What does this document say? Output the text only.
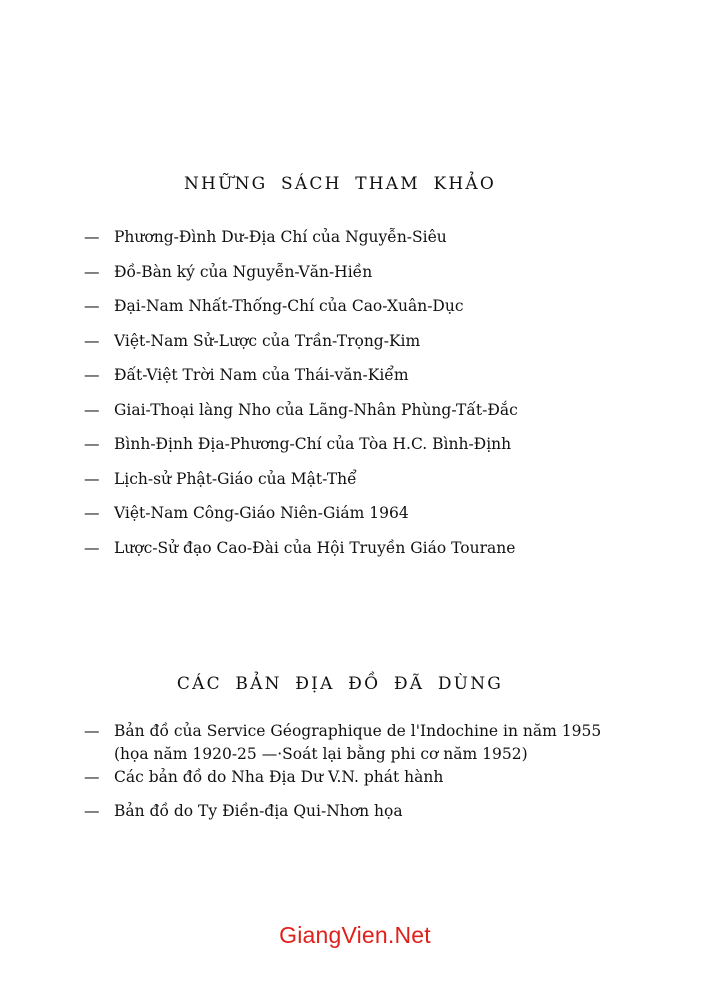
NHỮNG SÁCH THAM KHẢO
— Phương-Đình Dư-Địa Chí của Nguyễn-Siêu
— Đồ-Bàn ký của Nguyễn-Văn-Hiền
— Đại-Nam Nhất-Thống-Chí của Cao-Xuân-Dục
— Việt-Nam Sử-Lược của Trần-Trọng-Kim
— Đất-Việt Trời Nam của Thái-văn-Kiểm
— Giai-Thoại làng Nho của Lãng-Nhân Phùng-Tất-Đắc
— Bình-Định Địa-Phương-Chí của Tòa H.C. Bình-Định
— Lịch-sử Phật-Giáo của Mật-Thể
— Việt-Nam Công-Giáo Niên-Giám 1964
— Lược-Sử đạo Cao-Đài của Hội Truyền Giáo Tourane
CÁC BẢN ĐỊA ĐỒ ĐÃ DÙNG
— Bản đồ của Service Géographique de l'Indochine in năm 1955
(họa năm 1920-25 —·Soát lại bằng phi cơ năm 1952)
— Các bản đồ do Nha Địa Dư V.N. phát hành
— Bản đồ do Ty Điền-địa Qui-Nhơn họa
GiangVien.Net
